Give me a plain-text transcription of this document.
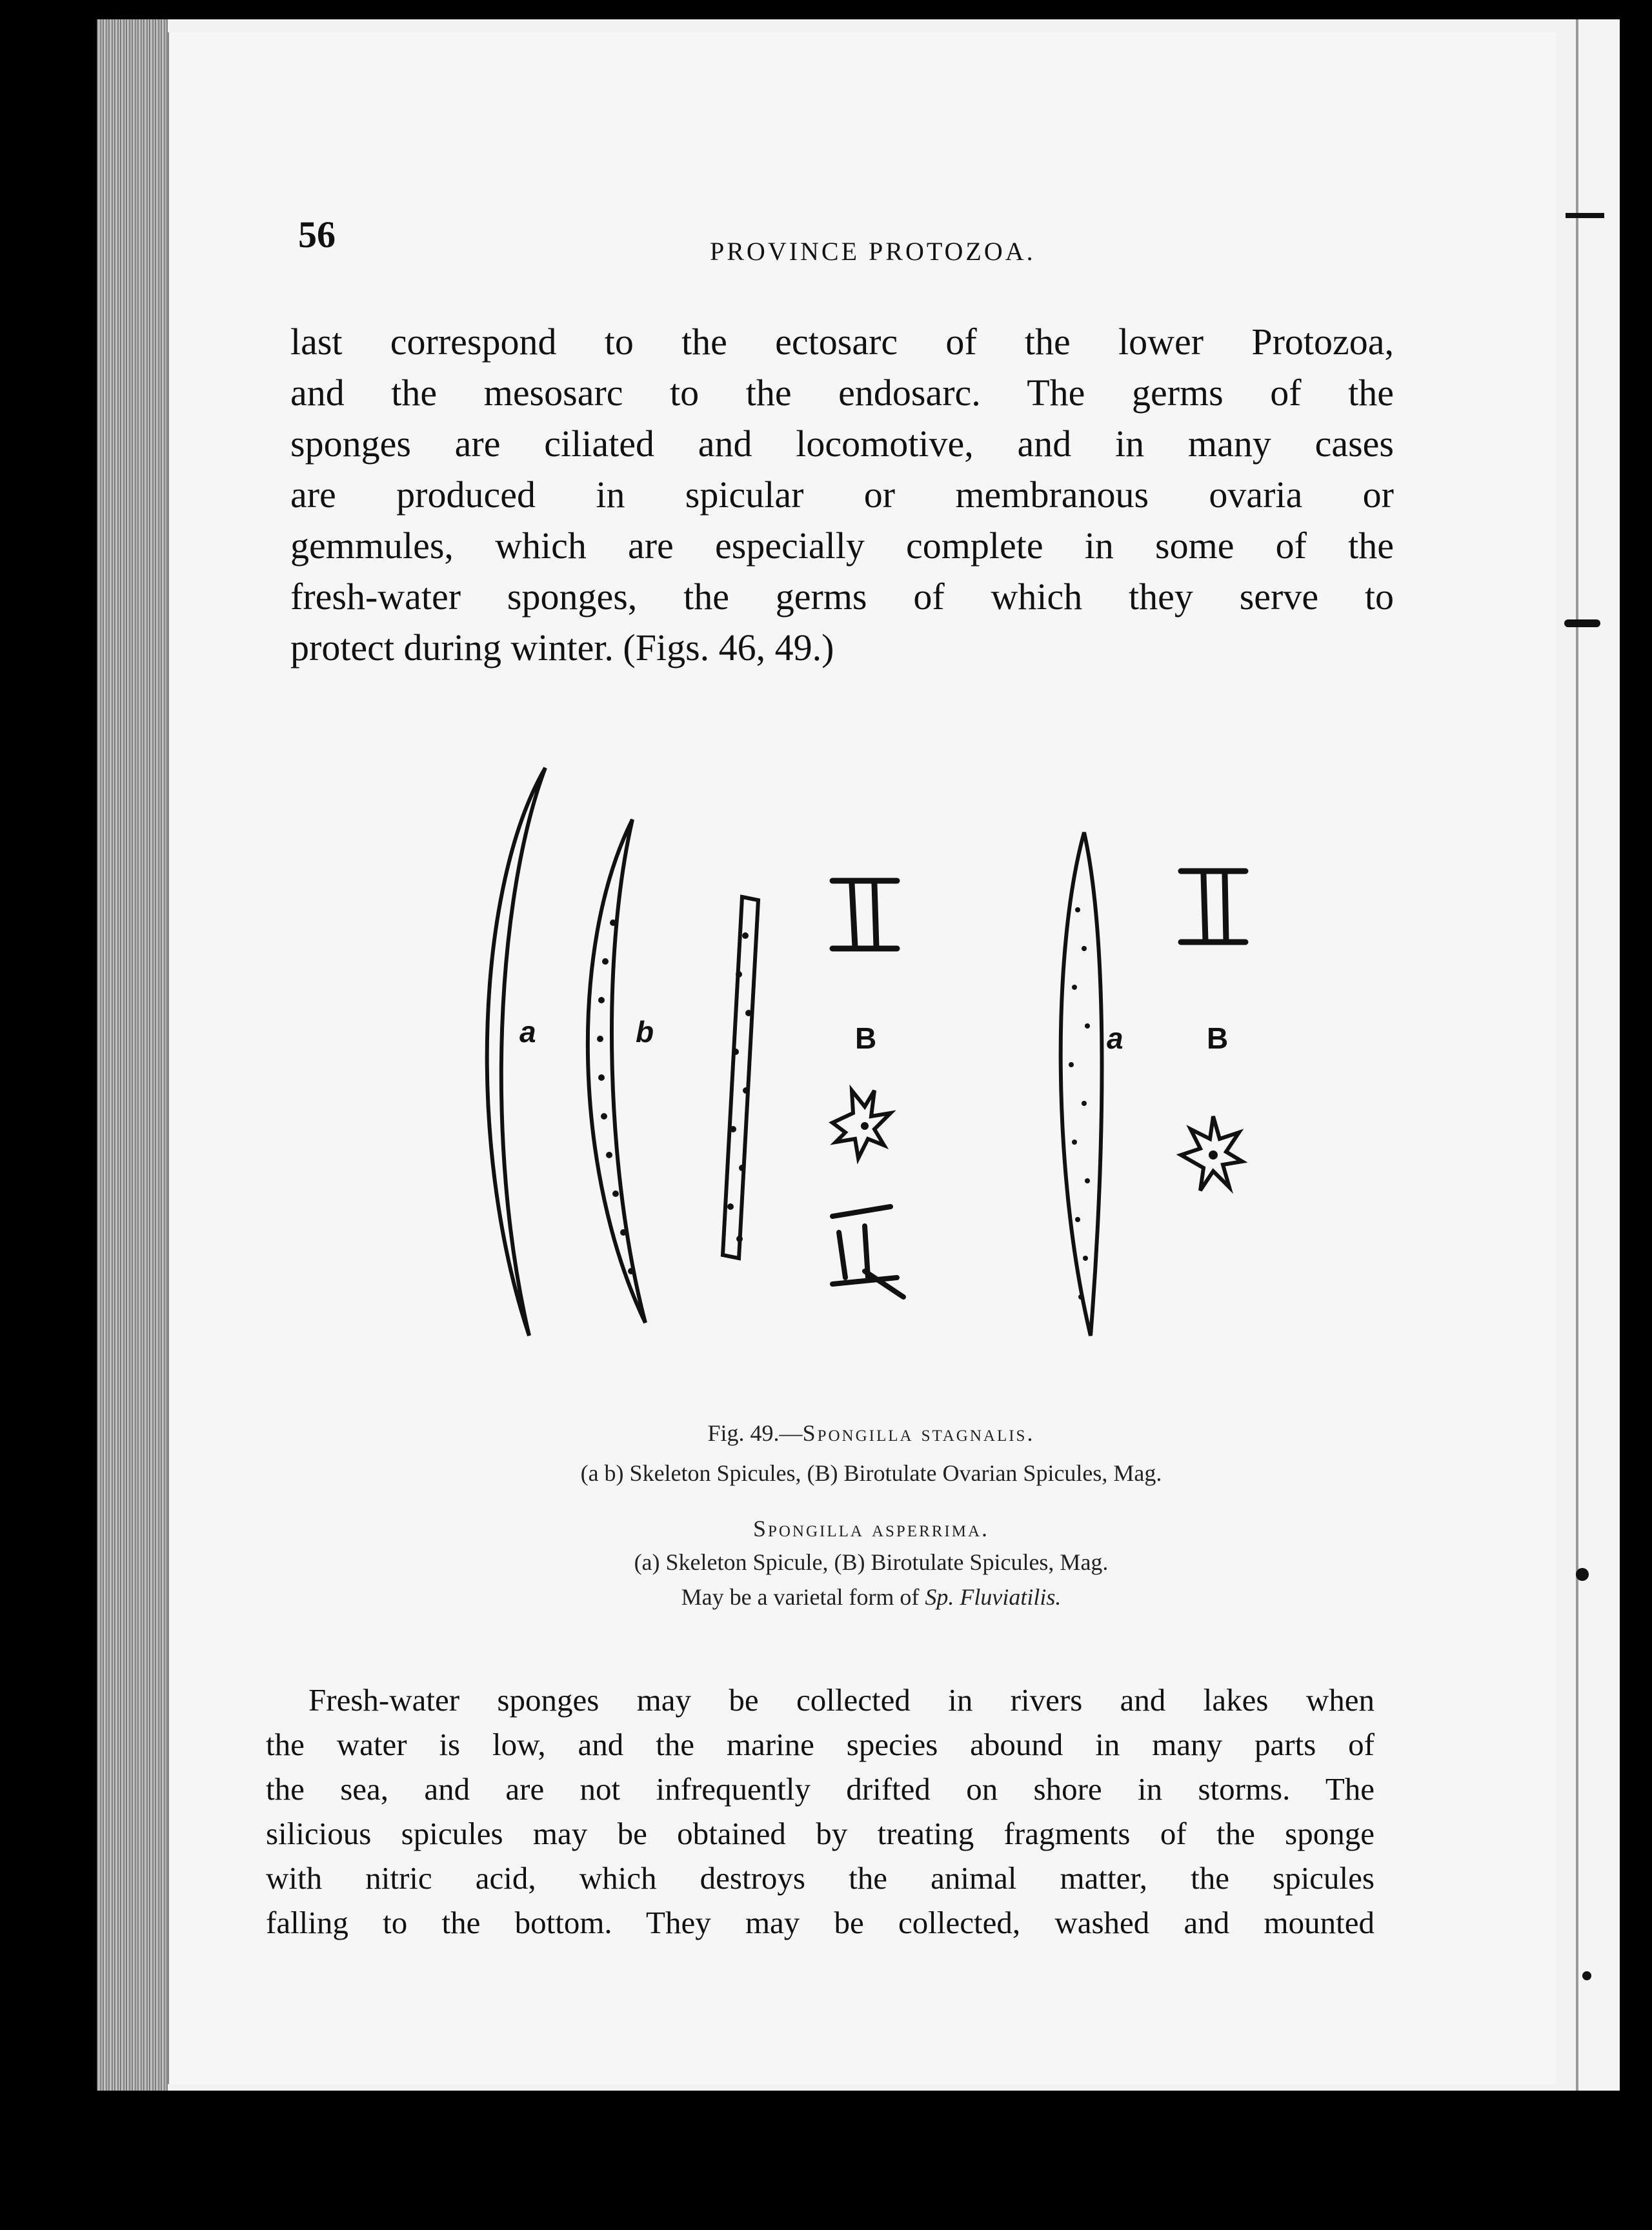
56	PROVINCE PROTOZOA.
last correspond to the ectosarc of the lower Protozoa,
and the mesosarc to the endosarc. The germs of the
sponges are ciliated and locomotive, and in many cases
are produced in spicular or membranous ovaria or
gemmules, which are especially complete in some of the
fresh-water sponges, the germs of which they serve to
protect during winter. (Figs. 46, 49.)
a	b	B	a	B
Fig. 49.—Spongilla stagnalis.
(a b) Skeleton Spicules, (B) Birotulate Ovarian Spicules, Mag.
Spongilla asperrima.
(a) Skeleton Spicule, (B) Birotulate Spicules, Mag.
May be a varietal form of Sp. Fluviatilis.
Fresh-water sponges may be collected in rivers and lakes when
the water is low, and the marine species abound in many parts of
the sea, and are not infrequently drifted on shore in storms. The
silicious spicules may be obtained by treating fragments of the sponge
with nitric acid, which destroys the animal matter, the spicules
falling to the bottom. They may be collected, washed and mounted
